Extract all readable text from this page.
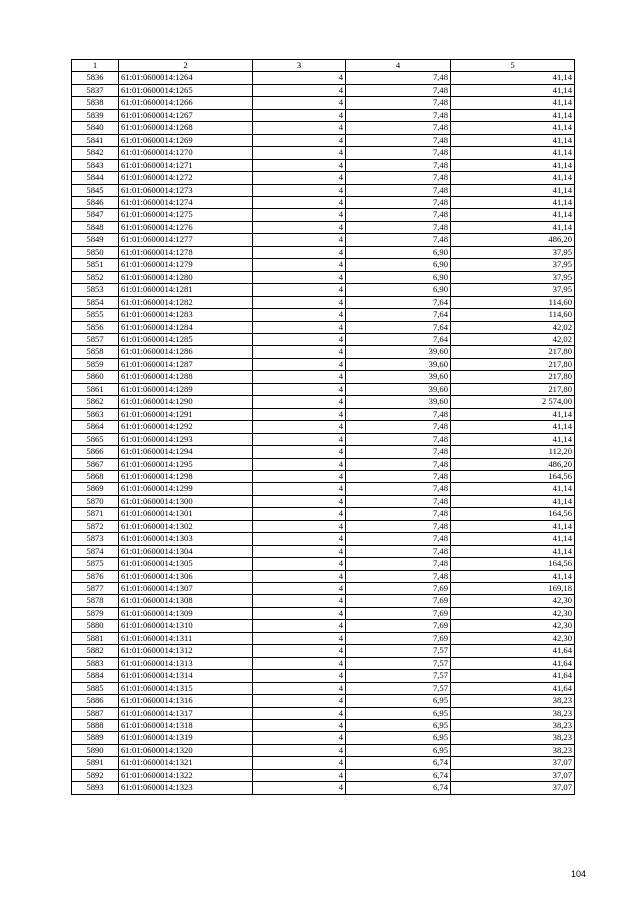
1	2	3	4	5
5836	61:01:0600014:1264	4	7,48	41,14
5837	61:01:0600014:1265	4	7,48	41,14
5838	61:01:0600014:1266	4	7,48	41,14
5839	61:01:0600014:1267	4	7,48	41,14
5840	61:01:0600014:1268	4	7,48	41,14
5841	61:01:0600014:1269	4	7,48	41,14
5842	61:01:0600014:1270	4	7,48	41,14
5843	61:01:0600014:1271	4	7,48	41,14
5844	61:01:0600014:1272	4	7,48	41,14
5845	61:01:0600014:1273	4	7,48	41,14
5846	61:01:0600014:1274	4	7,48	41,14
5847	61:01:0600014:1275	4	7,48	41,14
5848	61:01:0600014:1276	4	7,48	41,14
5849	61:01:0600014:1277	4	7,48	486,20
5850	61:01:0600014:1278	4	6,90	37,95
5851	61:01:0600014:1279	4	6,90	37,95
5852	61:01:0600014:1280	4	6,90	37,95
5853	61:01:0600014:1281	4	6,90	37,95
5854	61:01:0600014:1282	4	7,64	114,60
5855	61:01:0600014:1283	4	7,64	114,60
5856	61:01:0600014:1284	4	7,64	42,02
5857	61:01:0600014:1285	4	7,64	42,02
5858	61:01:0600014:1286	4	39,60	217,80
5859	61:01:0600014:1287	4	39,60	217,80
5860	61:01:0600014:1288	4	39,60	217,80
5861	61:01:0600014:1289	4	39,60	217,80
5862	61:01:0600014:1290	4	39,60	2 574,00
5863	61:01:0600014:1291	4	7,48	41,14
5864	61:01:0600014:1292	4	7,48	41,14
5865	61:01:0600014:1293	4	7,48	41,14
5866	61:01:0600014:1294	4	7,48	112,20
5867	61:01:0600014:1295	4	7,48	486,20
5868	61:01:0600014:1298	4	7,48	164,56
5869	61:01:0600014:1299	4	7,48	41,14
5870	61:01:0600014:1300	4	7,48	41,14
5871	61:01:0600014:1301	4	7,48	164,56
5872	61:01:0600014:1302	4	7,48	41,14
5873	61:01:0600014:1303	4	7,48	41,14
5874	61:01:0600014:1304	4	7,48	41,14
5875	61:01:0600014:1305	4	7,48	164,56
5876	61:01:0600014:1306	4	7,48	41,14
5877	61:01:0600014:1307	4	7,69	169,18
5878	61:01:0600014:1308	4	7,69	42,30
5879	61:01:0600014:1309	4	7,69	42,30
5880	61:01:0600014:1310	4	7,69	42,30
5881	61:01:0600014:1311	4	7,69	42,30
5882	61:01:0600014:1312	4	7,57	41,64
5883	61:01:0600014:1313	4	7,57	41,64
5884	61:01:0600014:1314	4	7,57	41,64
5885	61:01:0600014:1315	4	7,57	41,64
5886	61:01:0600014:1316	4	6,95	38,23
5887	61:01:0600014:1317	4	6,95	38,23
5888	61:01:0600014:1318	4	6,95	38,23
5889	61:01:0600014:1319	4	6,95	38,23
5890	61:01:0600014:1320	4	6,95	38,23
5891	61:01:0600014:1321	4	6,74	37,07
5892	61:01:0600014:1322	4	6,74	37,07
5893	61:01:0600014:1323	4	6,74	37,07
104
